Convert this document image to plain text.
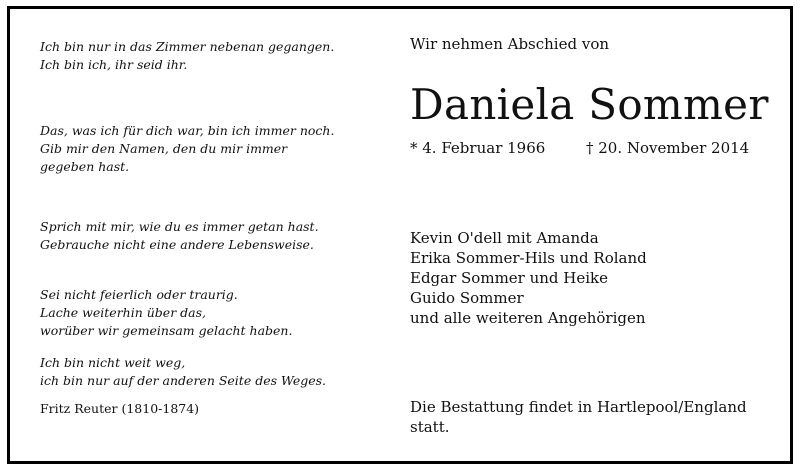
Ich bin nur in das Zimmer nebenan gegangen.
Ich bin ich, ihr seid ihr.
Das, was ich für dich war, bin ich immer noch.
Gib mir den Namen, den du mir immer
gegeben hast.
Sprich mit mir, wie du es immer getan hast.
Gebrauche nicht eine andere Lebensweise.
Sei nicht feierlich oder traurig.
Lache weiterhin über das,
worüber wir gemeinsam gelacht haben.
Ich bin nicht weit weg,
ich bin nur auf der anderen Seite des Weges.
Fritz Reuter (1810-1874)
Wir nehmen Abschied von
Daniela Sommer
* 4. Februar 1966	† 20. November 2014
Kevin O'dell mit Amanda
Erika Sommer-Hils und Roland
Edgar Sommer und Heike
Guido Sommer
und alle weiteren Angehörigen
Die Bestattung findet in Hartlepool/England
statt.
